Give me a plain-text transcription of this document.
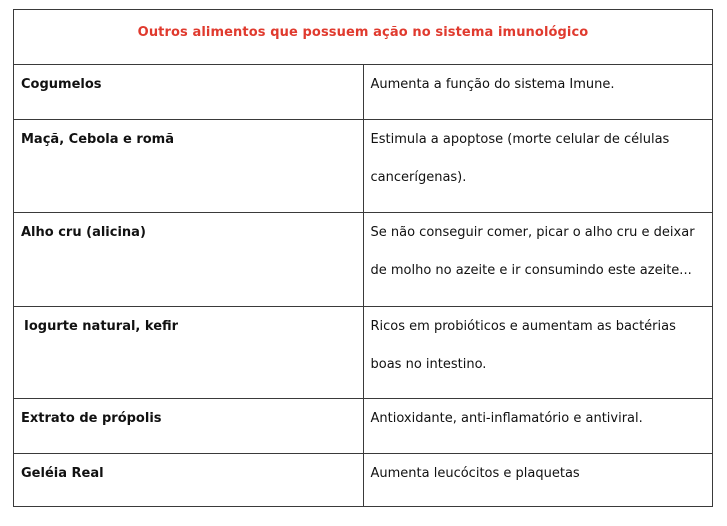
Outros alimentos que possuem ação no sistema imunológico	

Cogumelos	Aumenta a função do sistema Imune.

Maçã, Cebola e romã	Estimula a apoptose (morte celular de células cancerígenas).

Alho cru (alicina)	Se não conseguir comer, picar o alho cru e deixar de molho no azeite e ir consumindo este azeite...

Iogurte natural, kefir	Ricos em probióticos e aumentam as bactérias boas no intestino.

Extrato de própolis	Antioxidante, anti-inflamatório e antiviral.

Geléia Real	Aumenta leucócitos e plaquetas
